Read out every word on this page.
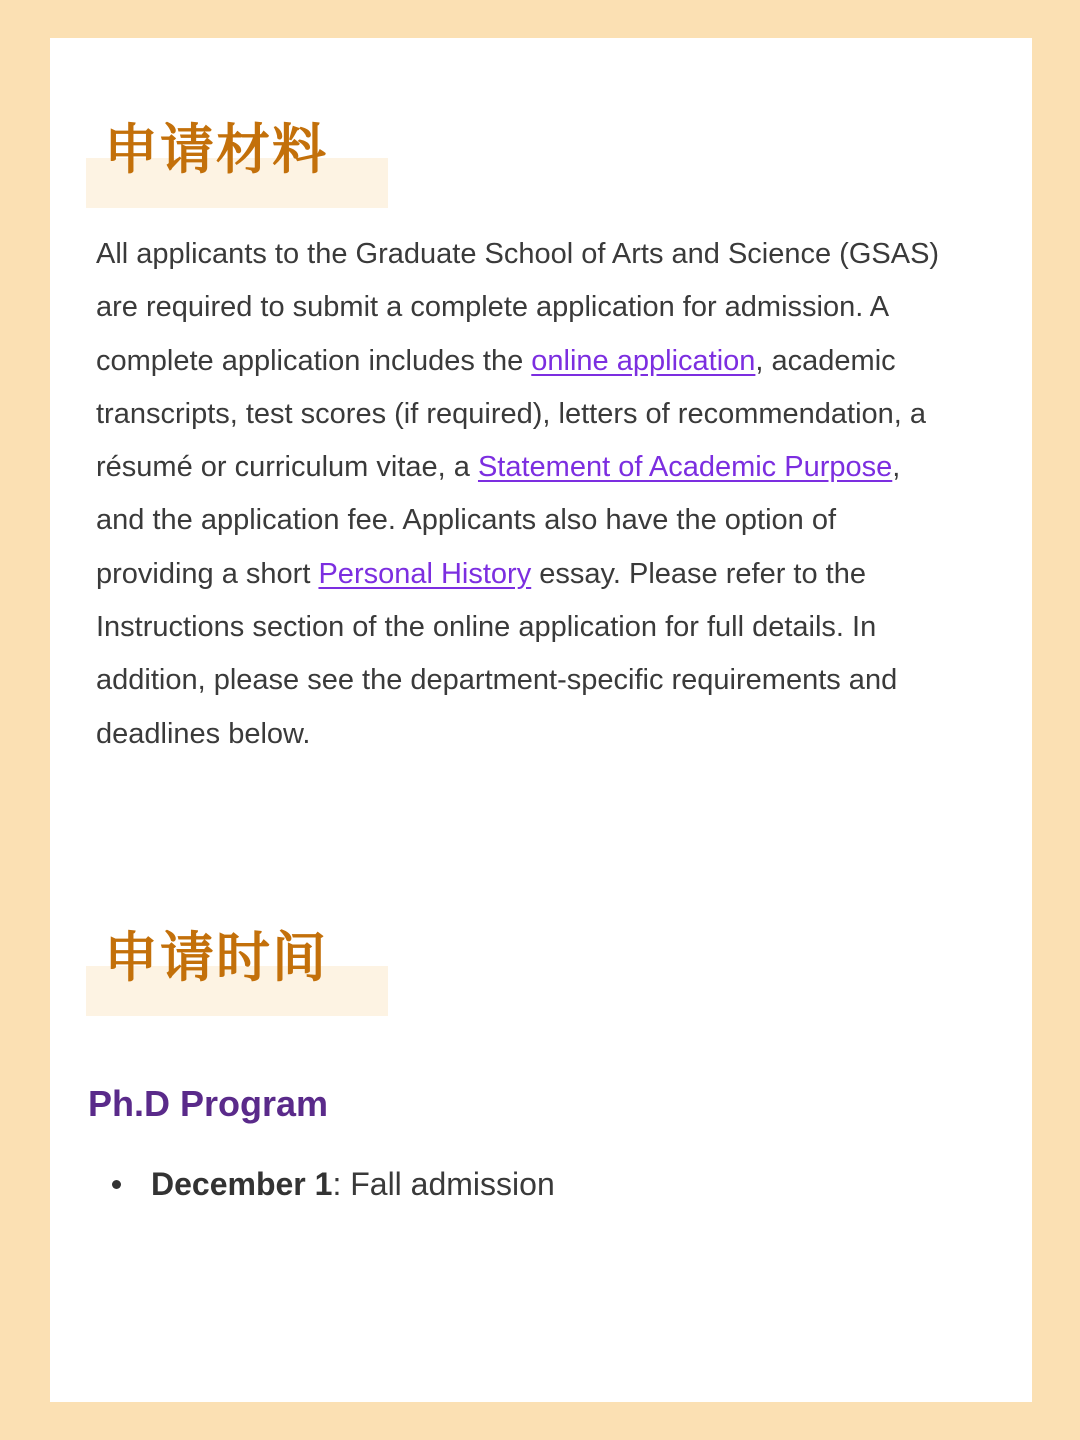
申请材料

All applicants to the Graduate School of Arts and Science (GSAS) are required to submit a complete application for admission. A complete application includes the online application, academic transcripts, test scores (if required), letters of recommendation, a résumé or curriculum vitae, a Statement of Academic Purpose, and the application fee. Applicants also have the option of providing a short Personal History essay. Please refer to the Instructions section of the online application for full details. In addition, please see the department-specific requirements and deadlines below.

申请时间
Ph.D Program
December 1 : Fall admission
